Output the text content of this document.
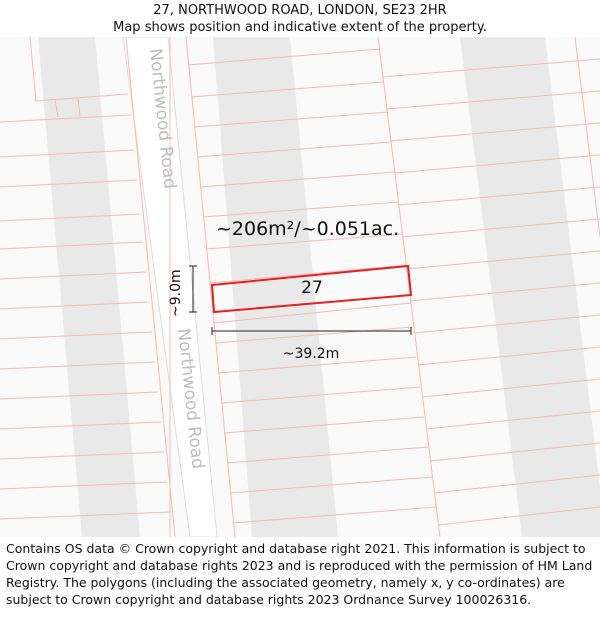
27, NORTHWOOD ROAD, LONDON, SE23 2HR
Map shows position and indicative extent of the property.
Northwood Road
Northwood Road
~206m²/~0.051ac.
27
~9.0m
~39.2m

Contains OS data © Crown copyright and database right 2021. This information is subject to Crown copyright and database rights 2023 and is reproduced with the permission of HM Land Registry. The polygons (including the associated geometry, namely x, y co-ordinates) are subject to Crown copyright and database rights 2023 Ordnance Survey 100026316.
